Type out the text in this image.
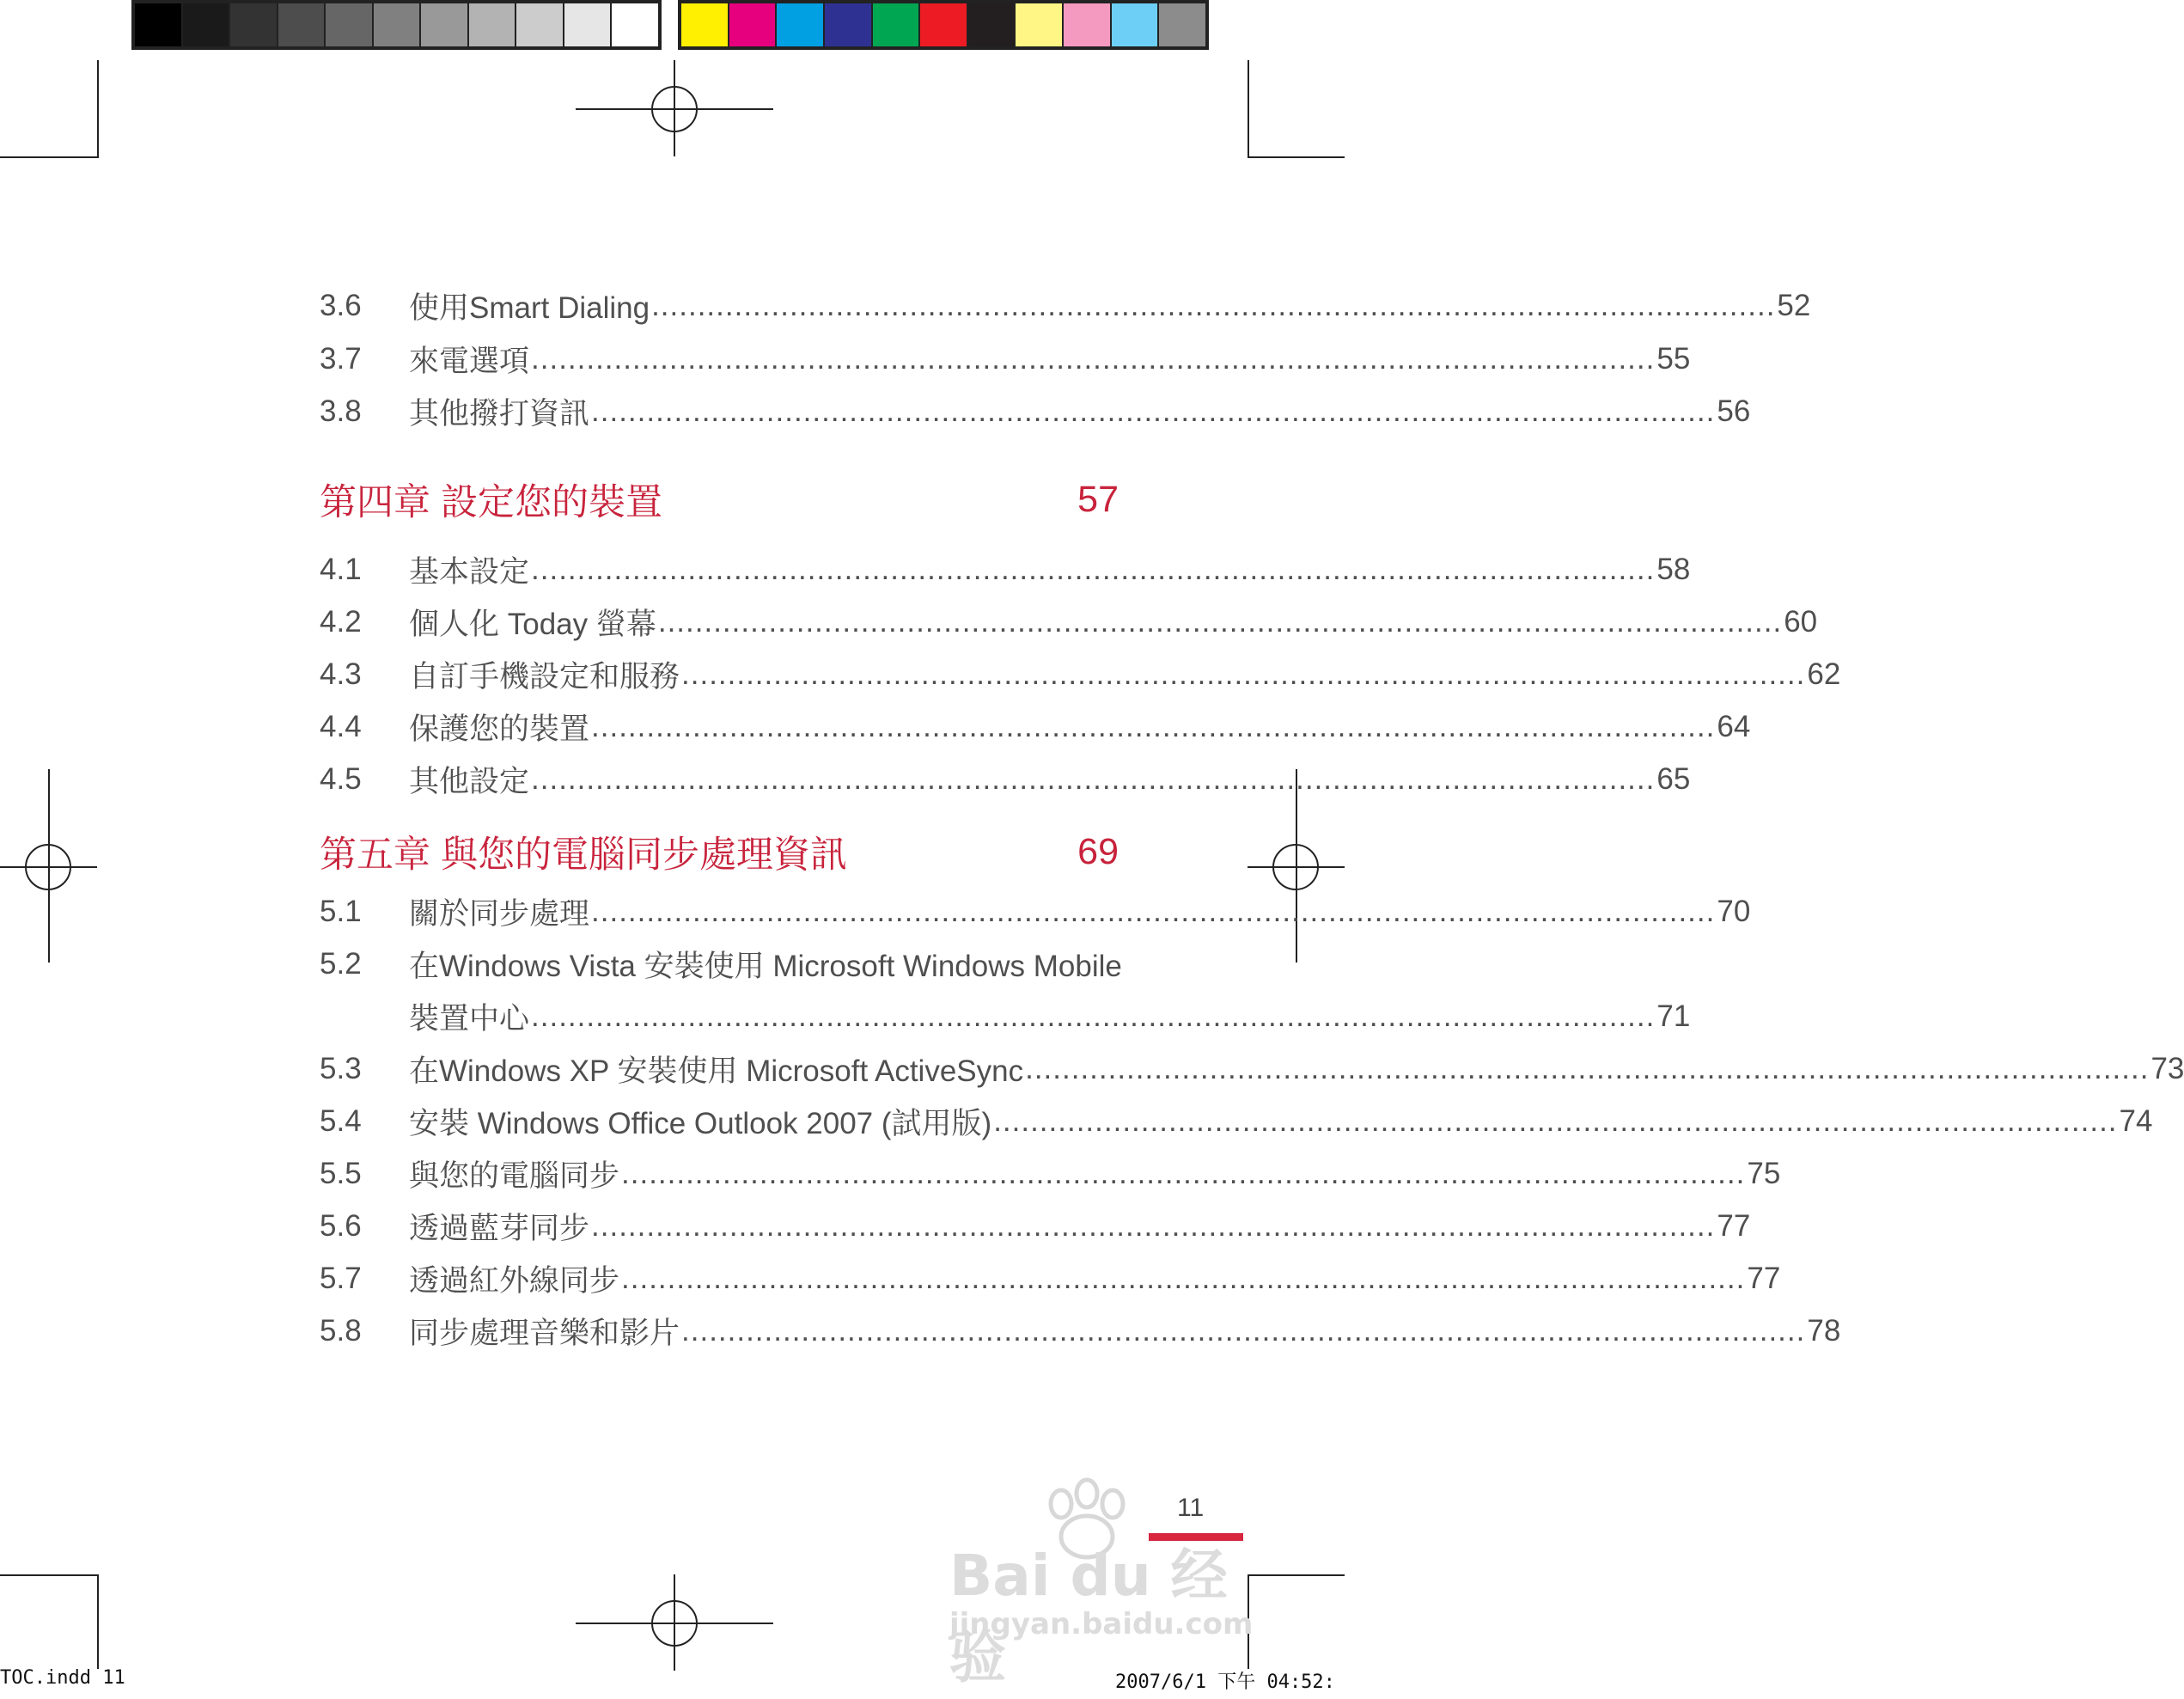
3.6	使用Smart Dialing .......................................................................................................................... 52
3.7	來電選項 .......................................................................................................................... 55
3.8	其他撥打資訊 .......................................................................................................................... 56
第四章 設定您的裝置	57
4.1	基本設定 .......................................................................................................................... 58
4.2	個人化 Today 螢幕 .......................................................................................................................... 60
4.3	自訂手機設定和服務 .......................................................................................................................... 62
4.4	保護您的裝置 .......................................................................................................................... 64
4.5	其他設定 .......................................................................................................................... 65
第五章 與您的電腦同步處理資訊	69
5.1	關於同步處理 .......................................................................................................................... 70
5.2	在Windows Vista 安裝使用 Microsoft Windows Mobile
裝置中心 .......................................................................................................................... 71
5.3	在Windows XP 安裝使用 Microsoft ActiveSync .......................................................................................................................... 73
5.4	安裝 Windows Office Outlook 2007 (試用版) .......................................................................................................................... 74
5.5	與您的電腦同步 .......................................................................................................................... 75
5.6	透過藍芽同步 .......................................................................................................................... 77
5.7	透過紅外線同步 .......................................................................................................................... 77
5.8	同步處理音樂和影片 .......................................................................................................................... 78
11
Bai du 经验
jingyan.baidu.com
TOC.indd 11	2007/6/1 下午 04:52:
